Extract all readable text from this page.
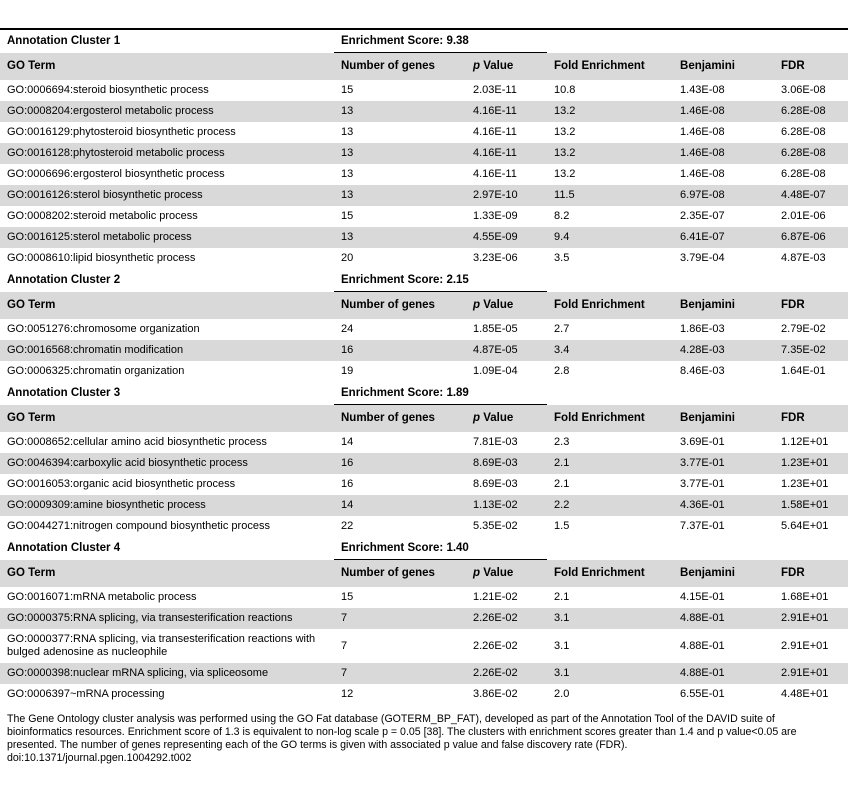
Annotation Cluster 1	Enrichment Score: 9.38				
GO Term	Number of genes	p Value	Fold Enrichment	Benjamini	FDR
GO:0006694:steroid biosynthetic process	15	2.03E-11	10.8	1.43E-08	3.06E-08
GO:0008204:ergosterol metabolic process	13	4.16E-11	13.2	1.46E-08	6.28E-08
GO:0016129:phytosteroid biosynthetic process	13	4.16E-11	13.2	1.46E-08	6.28E-08
GO:0016128:phytosteroid metabolic process	13	4.16E-11	13.2	1.46E-08	6.28E-08
GO:0006696:ergosterol biosynthetic process	13	4.16E-11	13.2	1.46E-08	6.28E-08
GO:0016126:sterol biosynthetic process	13	2.97E-10	11.5	6.97E-08	4.48E-07
GO:0008202:steroid metabolic process	15	1.33E-09	8.2	2.35E-07	2.01E-06
GO:0016125:sterol metabolic process	13	4.55E-09	9.4	6.41E-07	6.87E-06
GO:0008610:lipid biosynthetic process	20	3.23E-06	3.5	3.79E-04	4.87E-03
Annotation Cluster 2	Enrichment Score: 2.15				
GO Term	Number of genes	p Value	Fold Enrichment	Benjamini	FDR
GO:0051276:chromosome organization	24	1.85E-05	2.7	1.86E-03	2.79E-02
GO:0016568:chromatin modification	16	4.87E-05	3.4	4.28E-03	7.35E-02
GO:0006325:chromatin organization	19	1.09E-04	2.8	8.46E-03	1.64E-01
Annotation Cluster 3	Enrichment Score: 1.89				
GO Term	Number of genes	p Value	Fold Enrichment	Benjamini	FDR
GO:0008652:cellular amino acid biosynthetic process	14	7.81E-03	2.3	3.69E-01	1.12E+01
GO:0046394:carboxylic acid biosynthetic process	16	8.69E-03	2.1	3.77E-01	1.23E+01
GO:0016053:organic acid biosynthetic process	16	8.69E-03	2.1	3.77E-01	1.23E+01
GO:0009309:amine biosynthetic process	14	1.13E-02	2.2	4.36E-01	1.58E+01
GO:0044271:nitrogen compound biosynthetic process	22	5.35E-02	1.5	7.37E-01	5.64E+01
Annotation Cluster 4	Enrichment Score: 1.40				
GO Term	Number of genes	p Value	Fold Enrichment	Benjamini	FDR
GO:0016071:mRNA metabolic process	15	1.21E-02	2.1	4.15E-01	1.68E+01
GO:0000375:RNA splicing, via transesterification reactions	7	2.26E-02	3.1	4.88E-01	2.91E+01
GO:0000377:RNA splicing, via transesterification reactions with bulged adenosine as nucleophile	7	2.26E-02	3.1	4.88E-01	2.91E+01
GO:0000398:nuclear mRNA splicing, via spliceosome	7	2.26E-02	3.1	4.88E-01	2.91E+01
GO:0006397~mRNA processing	12	3.86E-02	2.0	6.55E-01	4.48E+01

The Gene Ontology cluster analysis was performed using the GO Fat database (GOTERM_BP_FAT), developed as part of the Annotation Tool of the DAVID suite of bioinformatics resources. Enrichment score of 1.3 is equivalent to non-log scale p = 0.05 [38]. The clusters with enrichment scores greater than 1.4 and p value<0.05 are presented. The number of genes representing each of the GO terms is given with associated p value and false discovery rate (FDR).

doi:10.1371/journal.pgen.1004292.t002
